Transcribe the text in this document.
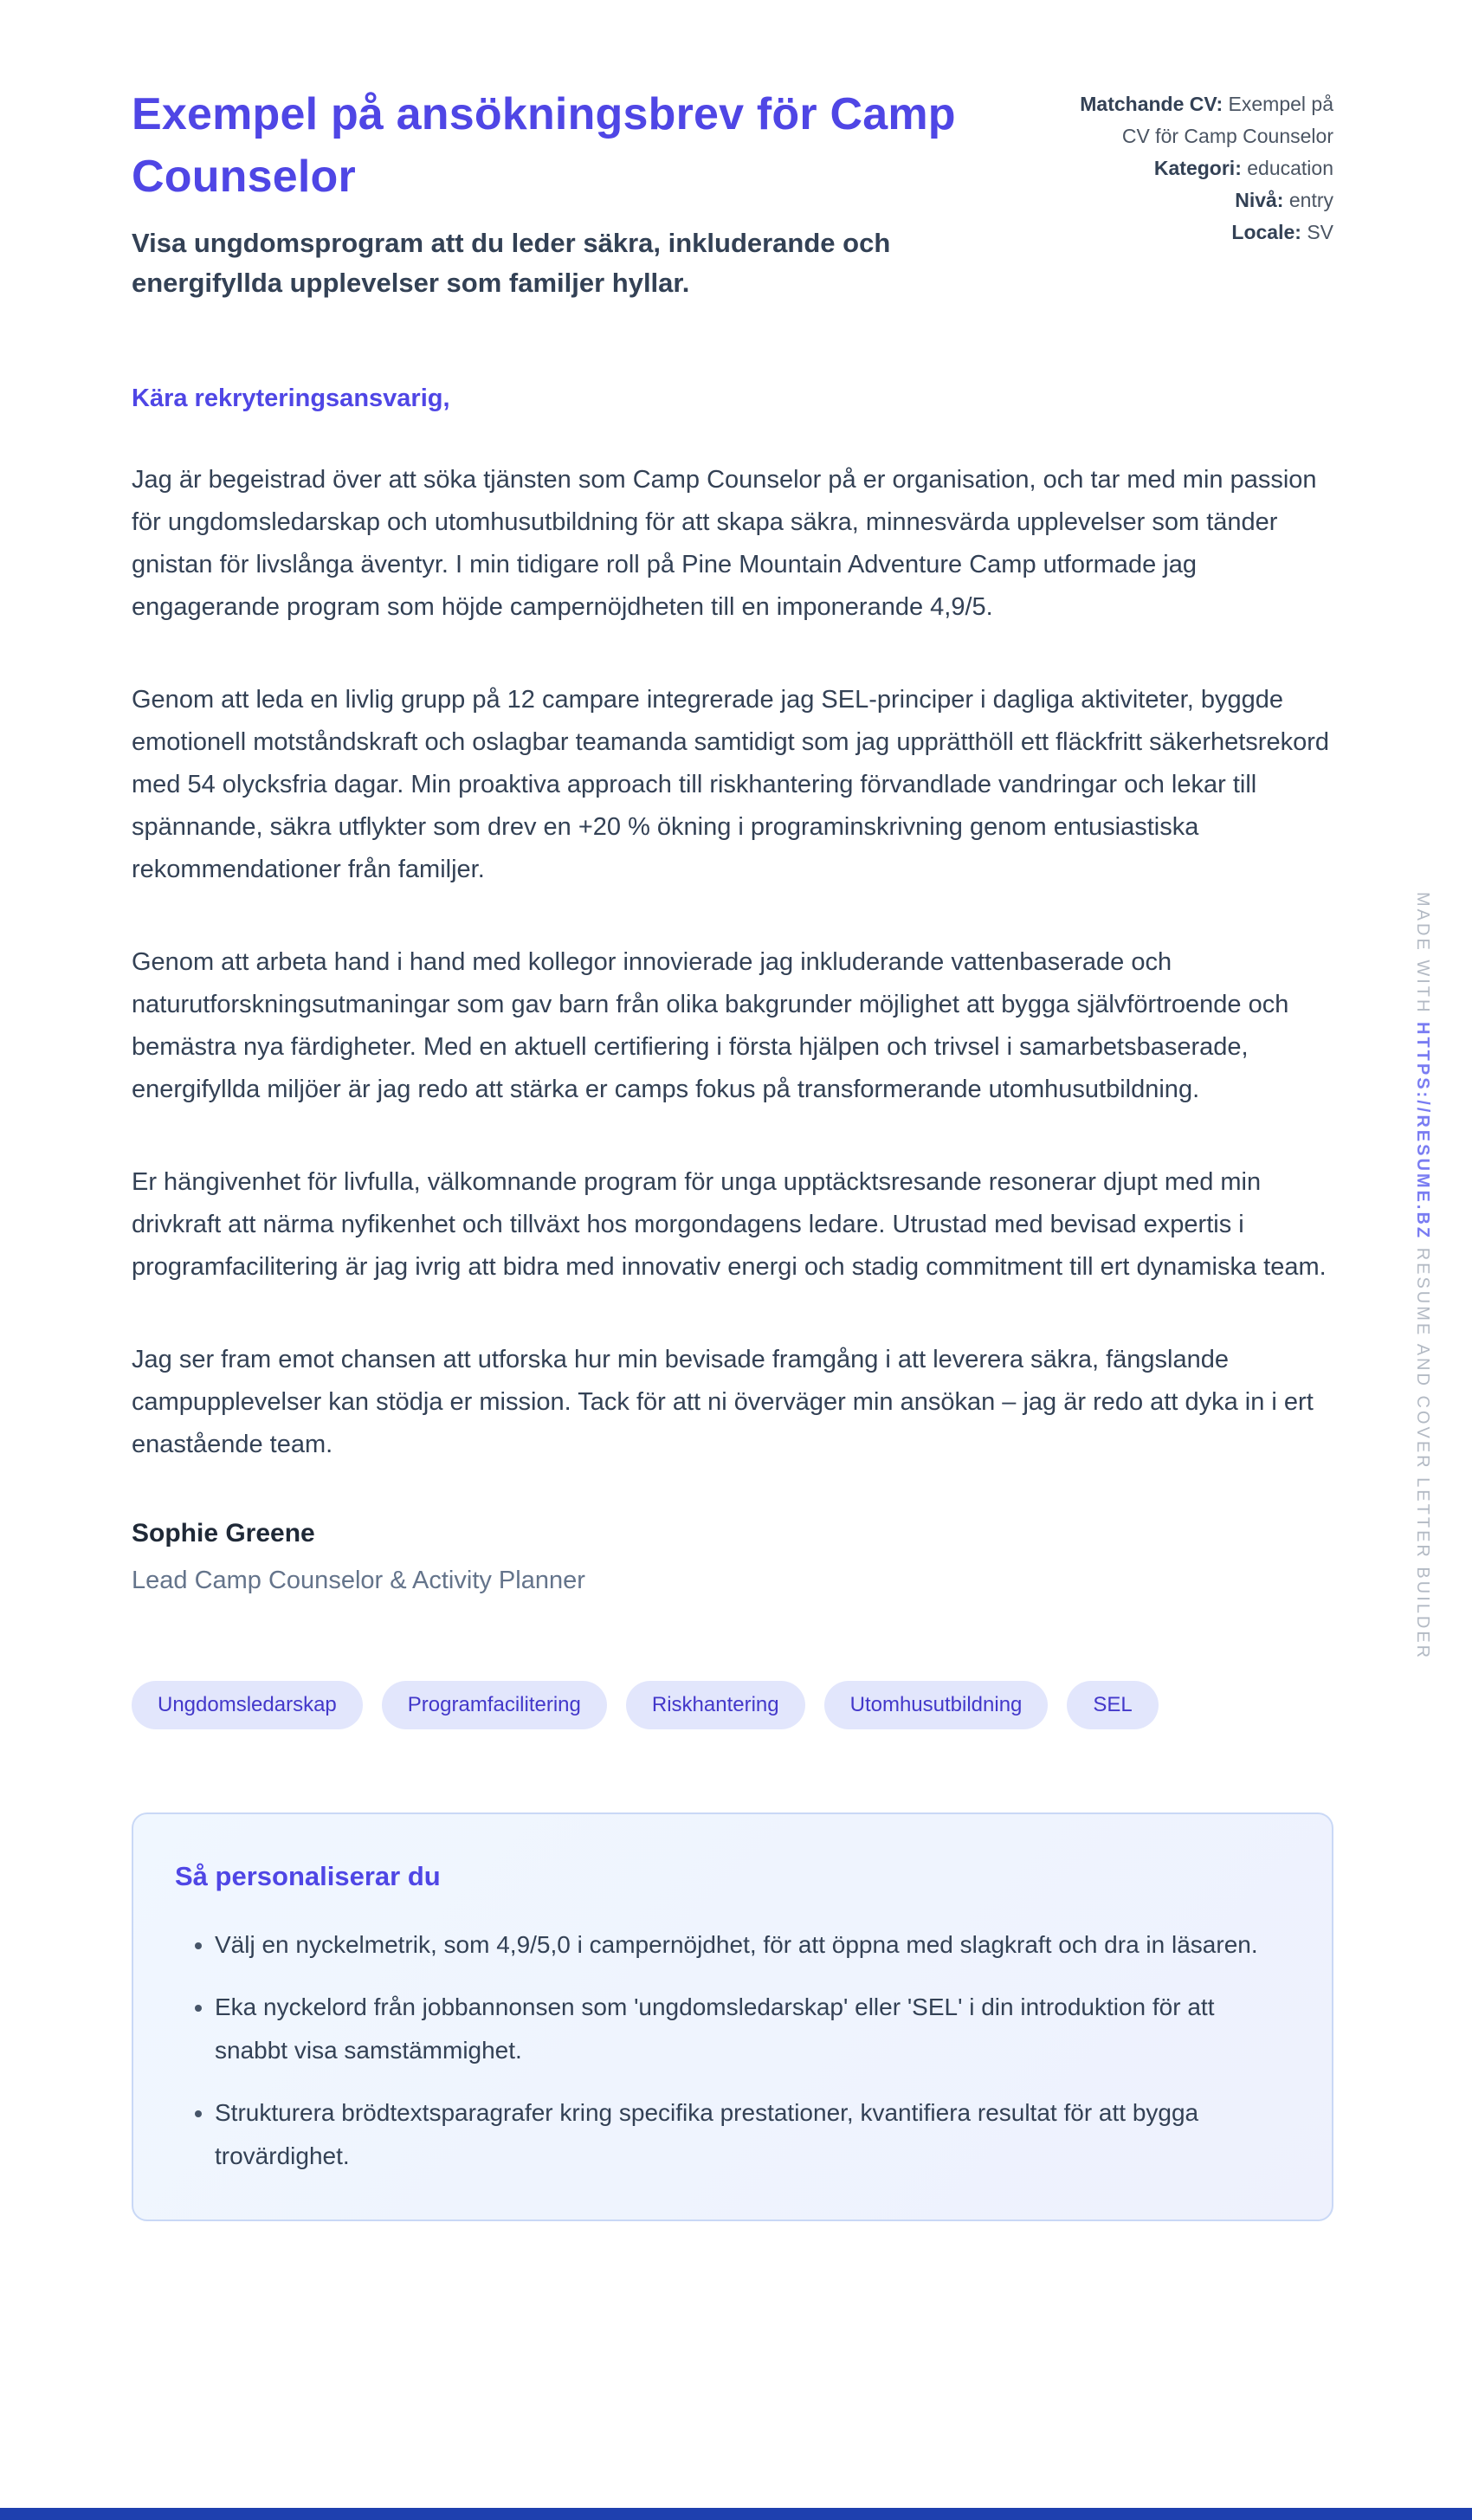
Exempel på ansökningsbrev för Camp Counselor

Visa ungdomsprogram att du leder säkra, inkluderande och energifyllda upplevelser som familjer hyllar.

Matchande CV: Exempel på CV för Camp Counselor
Kategori: education
Nivå: entry
Locale: SV

Kära rekryteringsansvarig,

Jag är begeistrad över att söka tjänsten som Camp Counselor på er organisation, och tar med min passion för ungdomsledarskap och utomhusutbildning för att skapa säkra, minnesvärda upplevelser som tänder gnistan för livslånga äventyr. I min tidigare roll på Pine Mountain Adventure Camp utformade jag engagerande program som höjde campernöjdheten till en imponerande 4,9/5.

Genom att leda en livlig grupp på 12 campare integrerade jag SEL-principer i dagliga aktiviteter, byggde emotionell motståndskraft och oslagbar teamanda samtidigt som jag upprätthöll ett fläckfritt säkerhetsrekord med 54 olycksfria dagar. Min proaktiva approach till riskhantering förvandlade vandringar och lekar till spännande, säkra utflykter som drev en +20 % ökning i programinskrivning genom entusiastiska rekommendationer från familjer.

Genom att arbeta hand i hand med kollegor innovierade jag inkluderande vattenbaserade och naturutforskningsutmaningar som gav barn från olika bakgrunder möjlighet att bygga självförtroende och bemästra nya färdigheter. Med en aktuell certifiering i första hjälpen och trivsel i samarbetsbaserade, energifyllda miljöer är jag redo att stärka er camps fokus på transformerande utomhusutbildning.

Er hängivenhet för livfulla, välkomnande program för unga upptäcktsresande resonerar djupt med min drivkraft att närma nyfikenhet och tillväxt hos morgondagens ledare. Utrustad med bevisad expertis i programfacilitering är jag ivrig att bidra med innovativ energi och stadig commitment till ert dynamiska team.

Jag ser fram emot chansen att utforska hur min bevisade framgång i att leverera säkra, fängslande campupplevelser kan stödja er mission. Tack för att ni överväger min ansökan – jag är redo att dyka in i ert enastående team.

Sophie Greene

Lead Camp Counselor & Activity Planner

Ungdomsledarskap	Programfacilitering	Riskhantering	Utomhusutbildning	SEL
Så personaliserar du
• Välj en nyckelmetrik, som 4,9/5,0 i campernöjdhet, för att öppna med slagkraft och dra in läsaren.
• Eka nyckelord från jobbannonsen som 'ungdomsledarskap' eller 'SEL' i din introduktion för att snabbt visa samstämmighet.
• Strukturera brödtextsparagrafer kring specifika prestationer, kvantifiera resultat för att bygga trovärdighet.
MADE WITH HTTPS://RESUME.BZ RESUME AND COVER LETTER BUILDER
